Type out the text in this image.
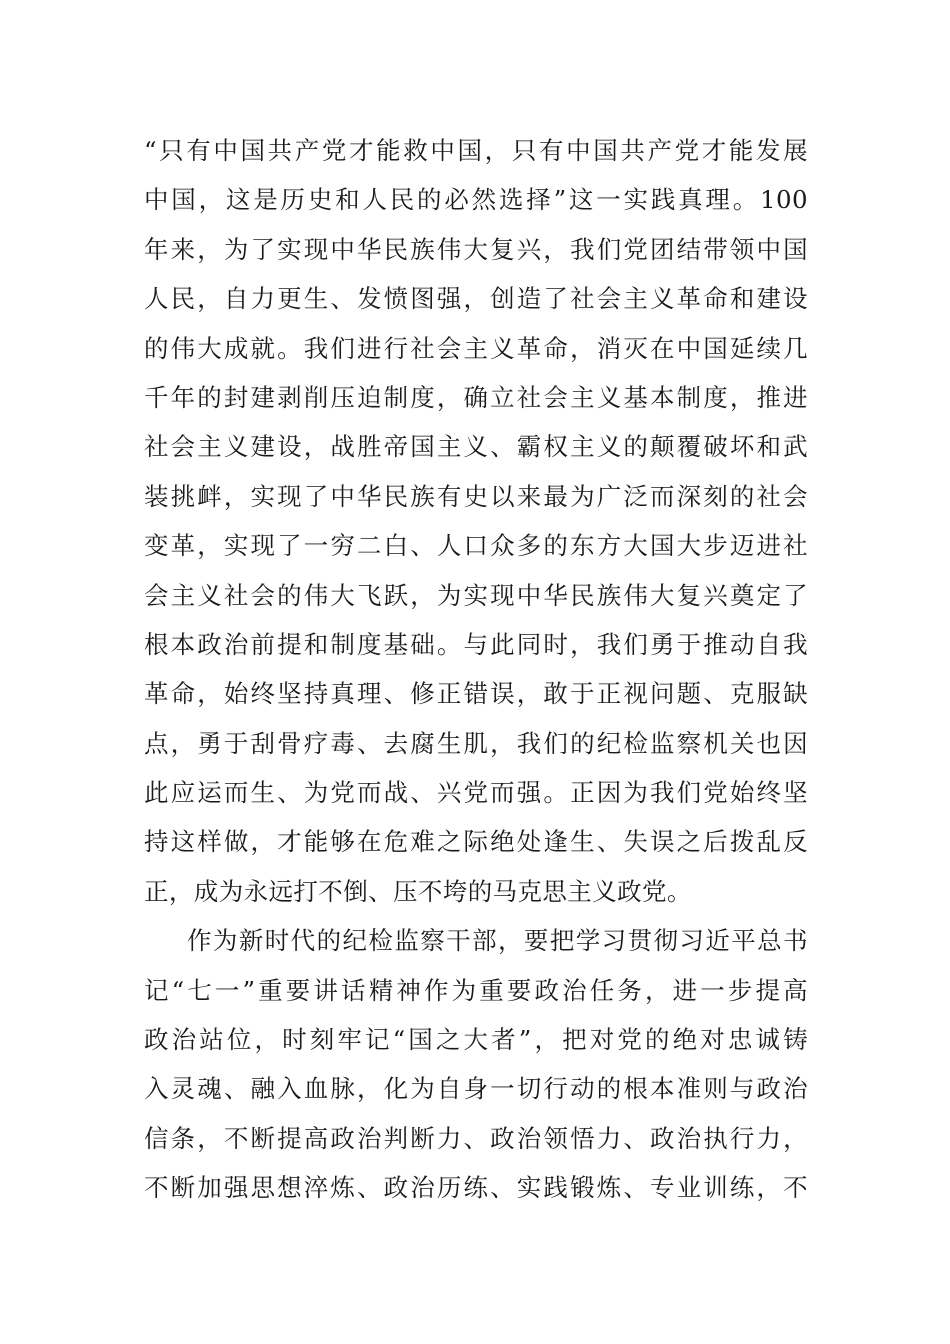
“只有中国共产党才能救中国，只有中国共产党才能发展
中国，这是历史和人民的必然选择”这一实践真理。100
年来，为了实现中华民族伟大复兴，我们党团结带领中国
人民，自力更生、发愤图强，创造了社会主义革命和建设
的伟大成就。我们进行社会主义革命，消灭在中国延续几
千年的封建剥削压迫制度，确立社会主义基本制度，推进
社会主义建设，战胜帝国主义、霸权主义的颠覆破坏和武
装挑衅，实现了中华民族有史以来最为广泛而深刻的社会
变革，实现了一穷二白、人口众多的东方大国大步迈进社
会主义社会的伟大飞跃，为实现中华民族伟大复兴奠定了
根本政治前提和制度基础。与此同时，我们勇于推动自我
革命，始终坚持真理、修正错误，敢于正视问题、克服缺
点，勇于刮骨疗毒、去腐生肌，我们的纪检监察机关也因
此应运而生、为党而战、兴党而强。正因为我们党始终坚
持这样做，才能够在危难之际绝处逢生、失误之后拨乱反
正，成为永远打不倒、压不垮的马克思主义政党。
作为新时代的纪检监察干部，要把学习贯彻习近平总书
记“七一”重要讲话精神作为重要政治任务，进一步提高
政治站位，时刻牢记“国之大者”，把对党的绝对忠诚铸
入灵魂、融入血脉，化为自身一切行动的根本准则与政治
信条，不断提高政治判断力、政治领悟力、政治执行力，
不断加强思想淬炼、政治历练、实践锻炼、专业训练，不
